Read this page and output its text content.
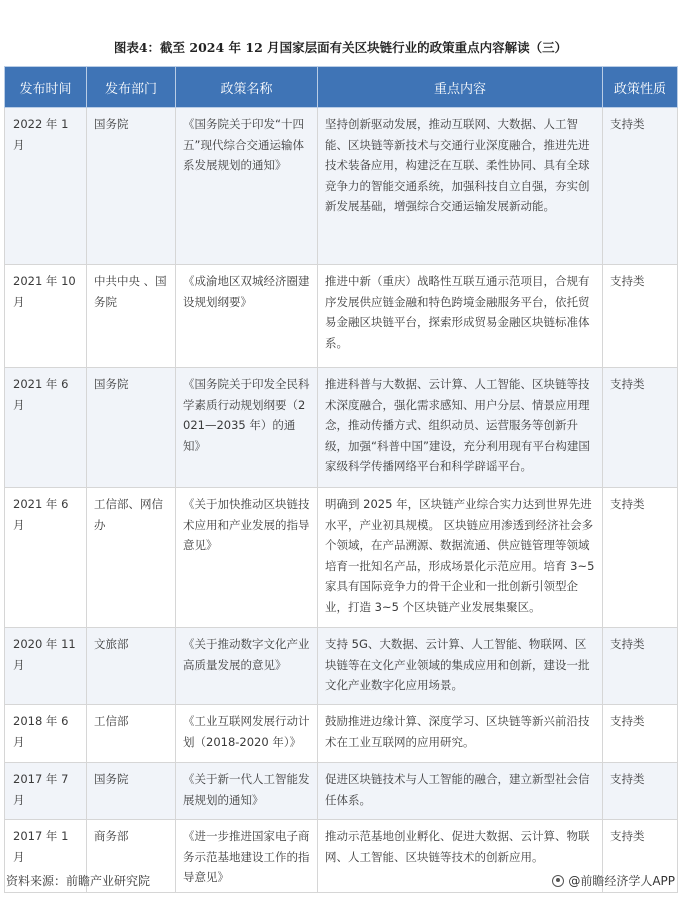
图表4：截至 2024 年 12 月国家层面有关区块链行业的政策重点内容解读（三）
发布时间	发布部门	政策名称	重点内容	政策性质
2022 年 1 月	国务院	《国务院关于印发“十四五”现代综合交通运输体系发展规划的通知》	坚持创新驱动发展，推动互联网、大数据、人工智能、区块链等新技术与交通行业深度融合，推进先进技术装备应用，构建泛在互联、柔性协同、具有全球竞争力的智能交通系统，加强科技自立自强，夯实创新发展基础，增强综合交通运输发展新动能。	支持类
2021 年 10 月	中共中央 、国务院	《成渝地区双城经济圈建设规划纲要》	推进中新（重庆）战略性互联互通示范项目，合规有序发展供应链金融和特色跨境金融服务平台，依托贸易金融区块链平台，探索形成贸易金融区块链标准体系。	支持类
2021 年 6 月	国务院	《国务院关于印发全民科学素质行动规划纲要（2021—2035 年）的通知》	推进科普与大数据、云计算、人工智能、区块链等技术深度融合，强化需求感知、用户分层、情景应用理念，推动传播方式、组织动员、运营服务等创新升级，加强“科普中国”建设，充分利用现有平台构建国家级科学传播网络平台和科学辟谣平台。	支持类
2021 年 6 月	工信部、网信办	《关于加快推动区块链技术应用和产业发展的指导意见》	明确到 2025 年，区块链产业综合实力达到世界先进水平，产业初具规模。 区块链应用渗透到经济社会多个领域，在产品溯源、数据流通、供应链管理等领域培育一批知名产品，形成场景化示范应用。培育 3~5 家具有国际竞争力的骨干企业和一批创新引领型企业，打造 3~5 个区块链产业发展集聚区。	支持类
2020 年 11 月	文旅部	《关于推动数字文化产业高质量发展的意见》	支持 5G、大数据、云计算、人工智能、物联网、区块链等在文化产业领域的集成应用和创新，建设一批文化产业数字化应用场景。	支持类
2018 年 6 月	工信部	《工业互联网发展行动计划（2018-2020 年）》	鼓励推进边缘计算、深度学习、区块链等新兴前沿技术在工业互联网的应用研究。	支持类
2017 年 7 月	国务院	《关于新一代人工智能发展规划的通知》	促进区块链技术与人工智能的融合，建立新型社会信任体系。	支持类
2017 年 1 月	商务部	《进一步推进国家电子商务示范基地建设工作的指导意见》	推动示范基地创业孵化、促进大数据、云计算、物联网、人工智能、区块链等技术的创新应用。	支持类
资料来源：前瞻产业研究院	@前瞻经济学人APP
